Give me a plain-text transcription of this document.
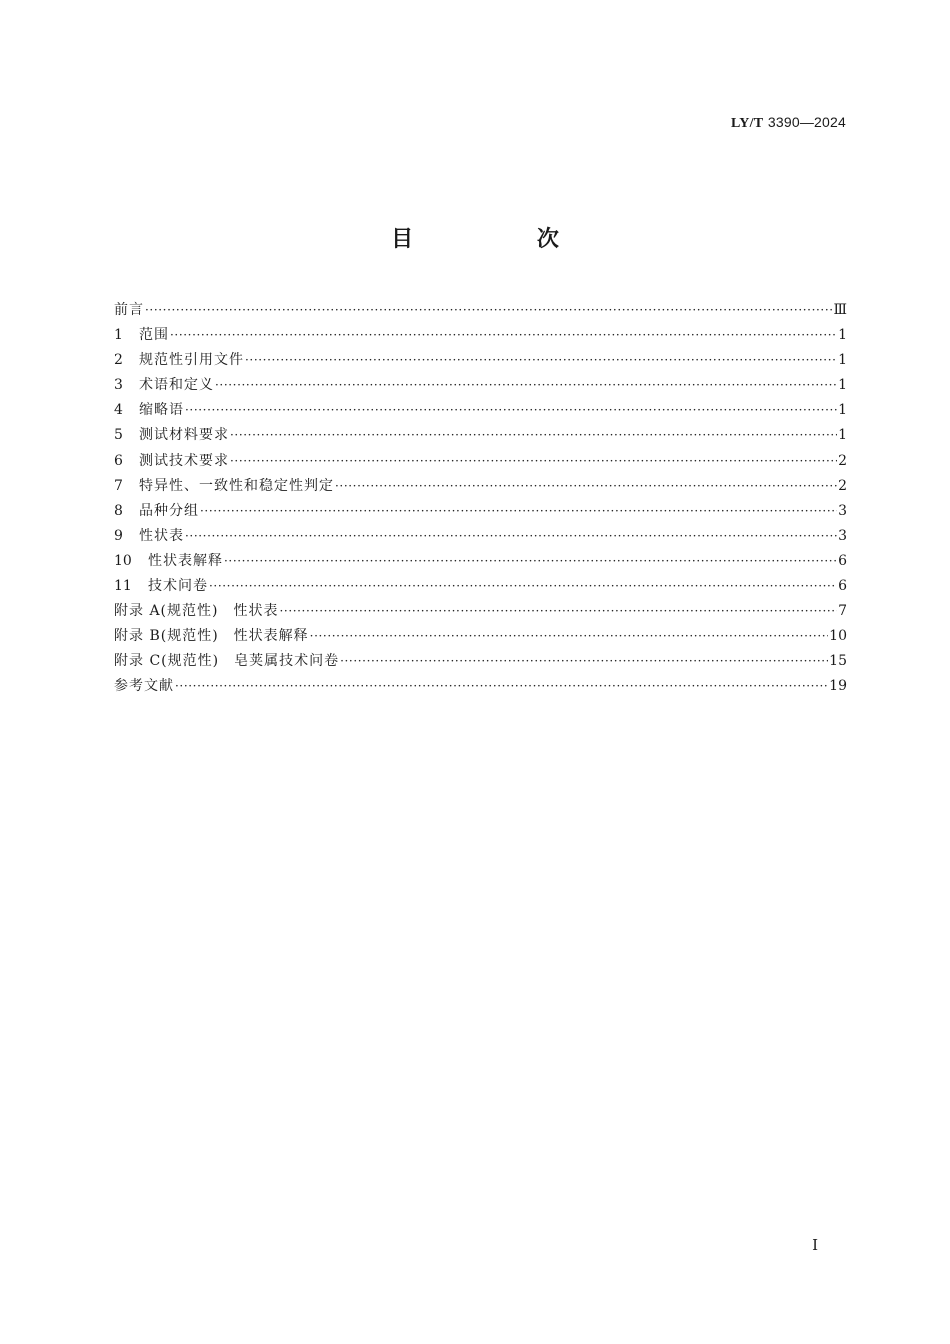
LY/T 3390—2024
目 次
前言 ·····	Ⅲ
1	范围 ·····	1
2	规范性引用文件 ·····	1
3	术语和定义 ·····	1
4	缩略语 ·····	1
5	测试材料要求 ·····	1
6	测试技术要求 ·····	2
7	特异性、一致性和稳定性判定 ·····	2
8	品种分组 ·····	3
9	性状表 ·····	3
10	性状表解释 ·····	6
11	技术问卷 ·····	6
附录 A(规范性)　性状表 ·····	7
附录 B(规范性)　性状表解释 ·····	10
附录 C(规范性)　皂荚属技术问卷 ·····	15
参考文献 ·····	19
I
